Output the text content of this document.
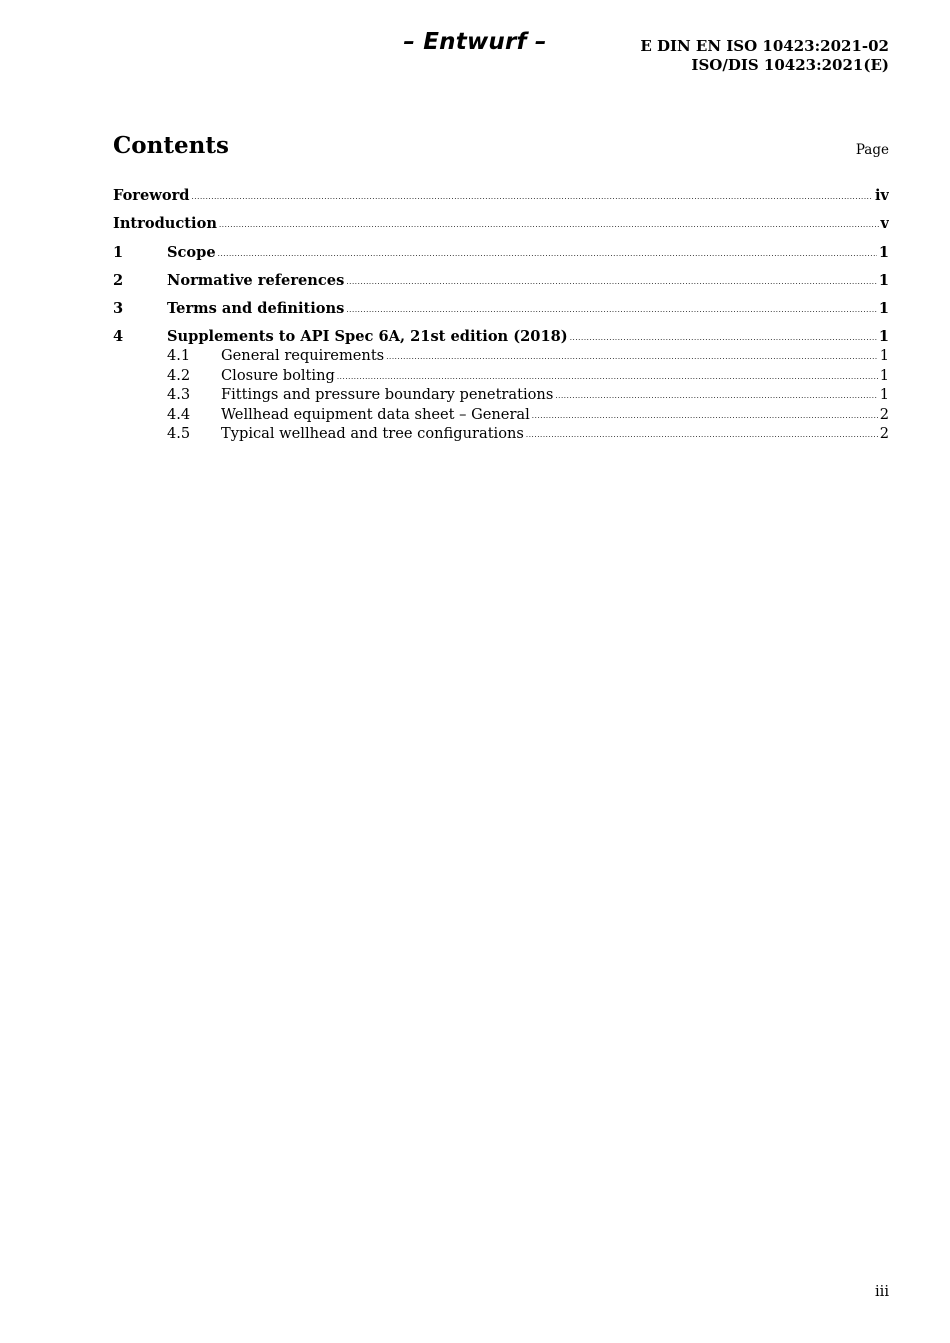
– Entwurf –	E DIN EN ISO 10423:2021-02
ISO/DIS 10423:2021(E)
Contents	Page
Foreword .....	iv
Introduction .....	v
1	Scope .....	1
2	Normative references .....	1
3	Terms and definitions .....	1
4	Supplements to API Spec 6A, 21st edition (2018) .....	1
4.1	General requirements .....	1
4.2	Closure bolting .....	1
4.3	Fittings and pressure boundary penetrations .....	1
4.4	Wellhead equipment data sheet – General .....	2
4.5	Typical wellhead and tree configurations .....	2
iii
